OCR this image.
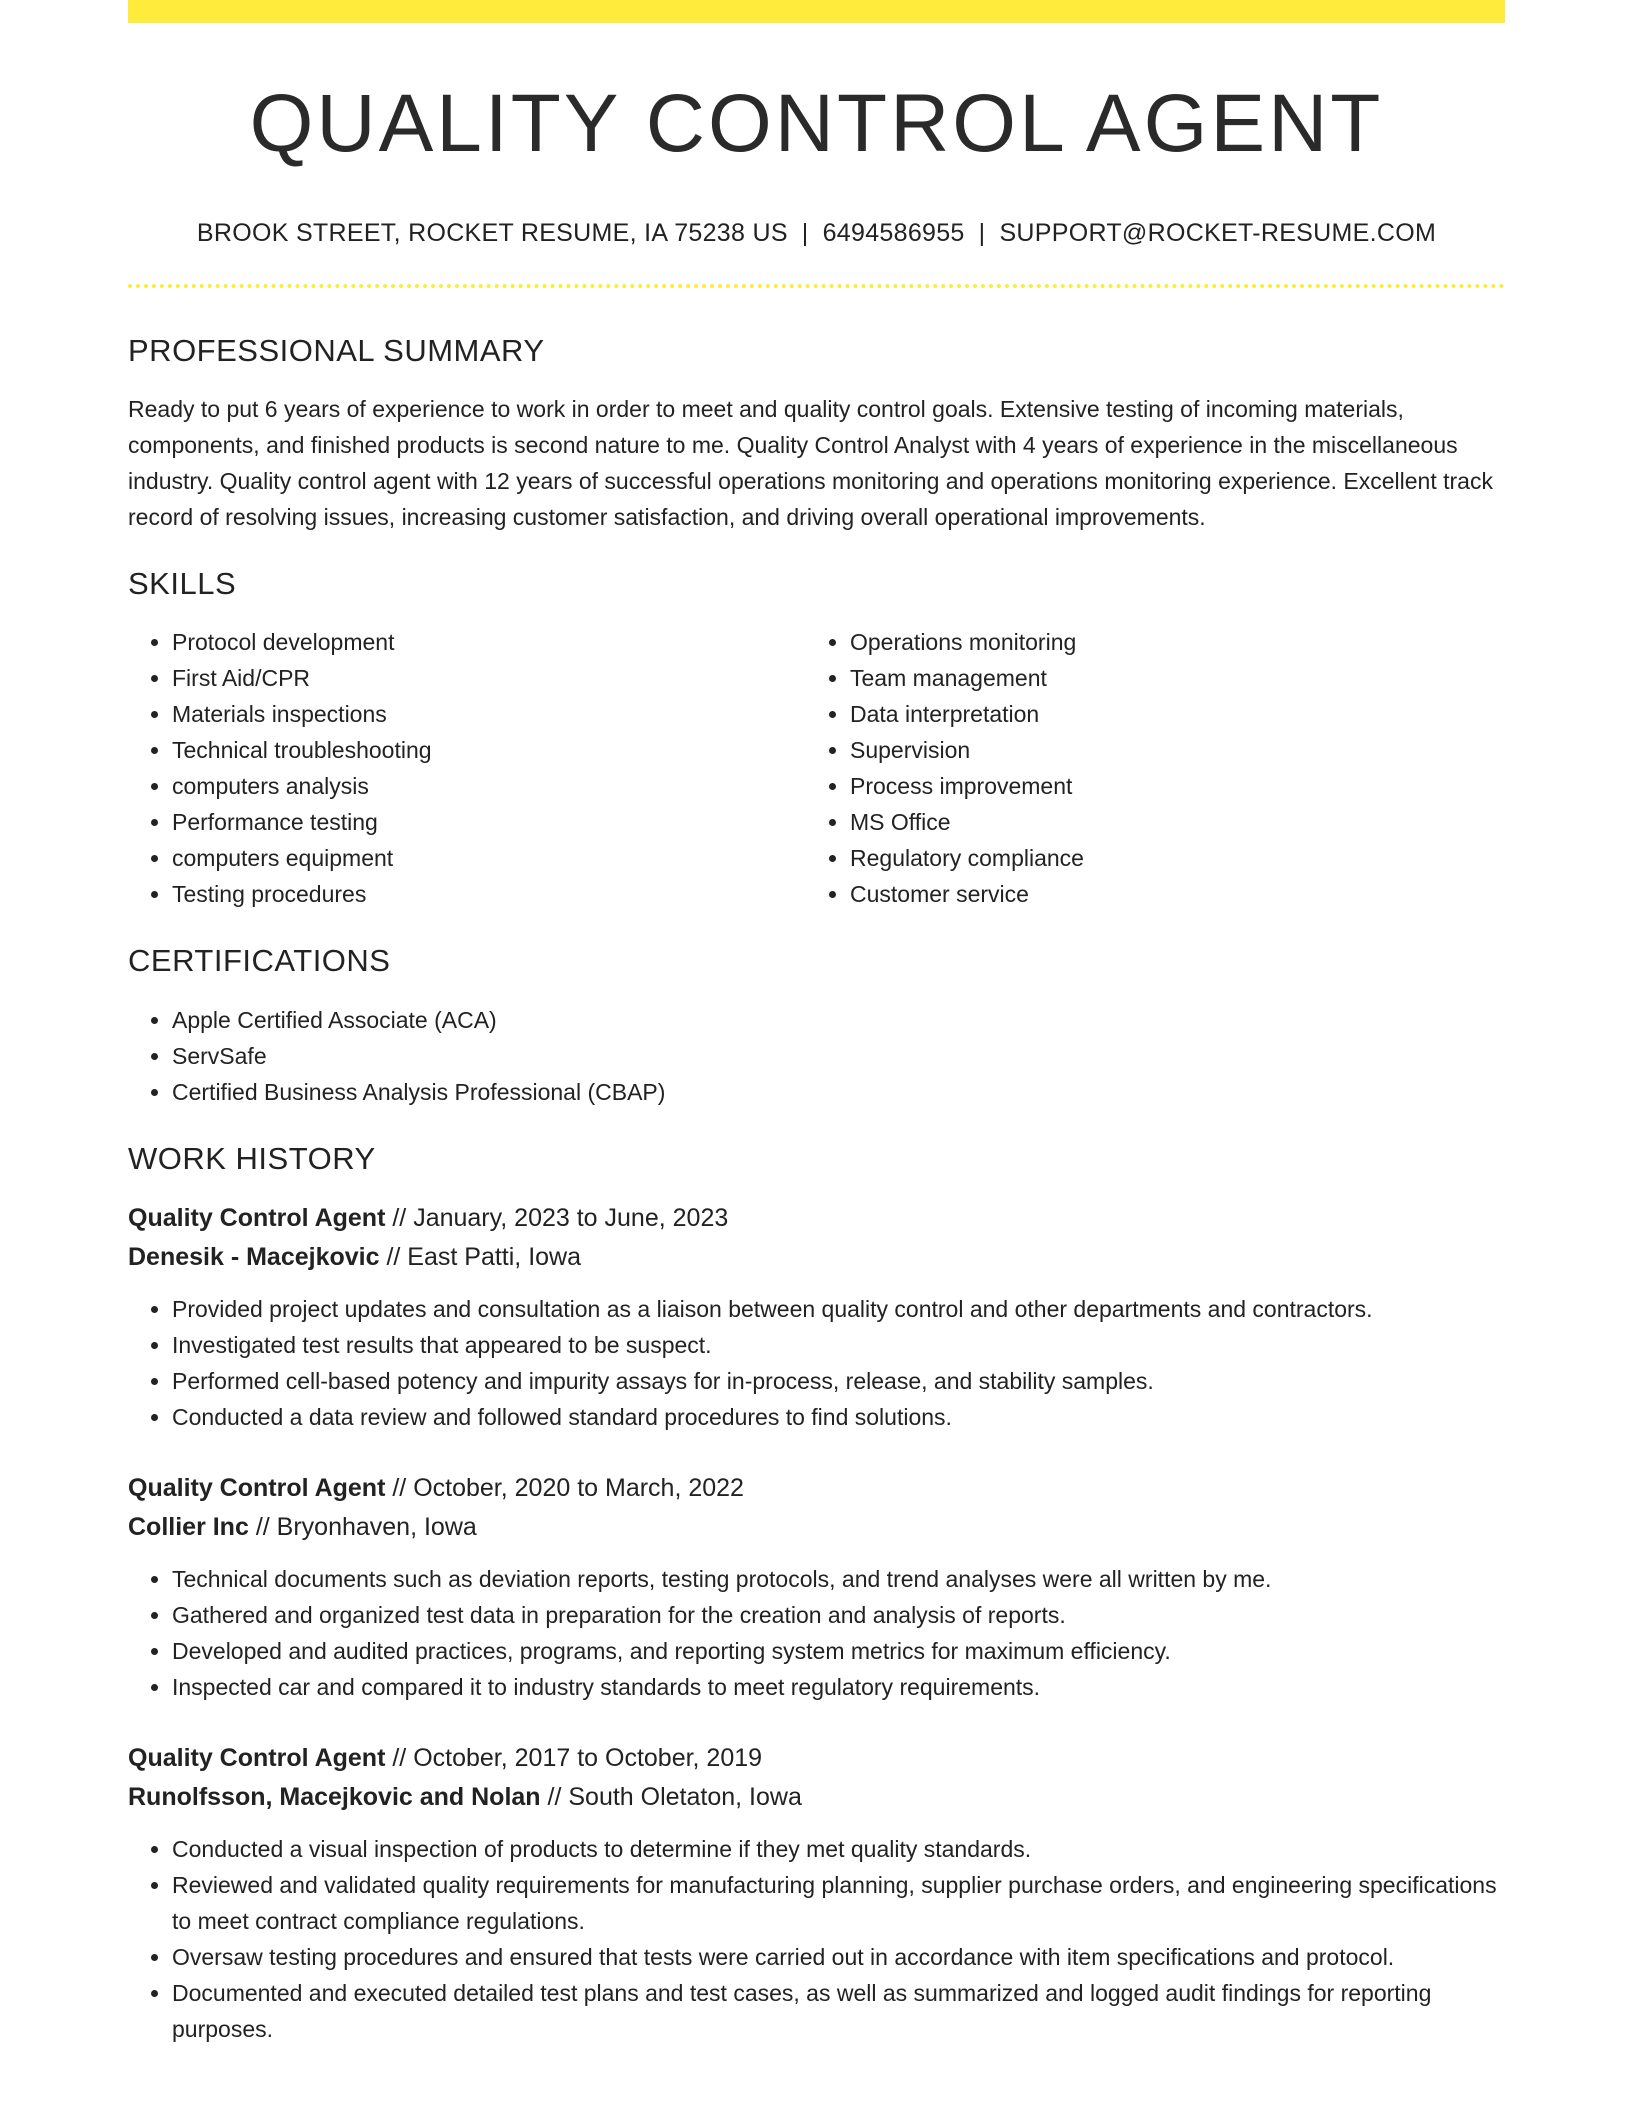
QUALITY CONTROL AGENT
BROOK STREET, ROCKET RESUME, IA 75238 US | 6494586955 | SUPPORT@ROCKET-RESUME.COM
PROFESSIONAL SUMMARY

Ready to put 6 years of experience to work in order to meet and quality control goals. Extensive testing of incoming materials, components, and finished products is second nature to me. Quality Control Analyst with 4 years of experience in the miscellaneous industry. Quality control agent with 12 years of successful operations monitoring and operations monitoring experience. Excellent track record of resolving issues, increasing customer satisfaction, and driving overall operational improvements.

SKILLS
• Protocol development
• First Aid/CPR
• Materials inspections
• Technical troubleshooting
• computers analysis
• Performance testing
• computers equipment
• Testing procedures
• Operations monitoring
• Team management
• Data interpretation
• Supervision
• Process improvement
• MS Office
• Regulatory compliance
• Customer service
CERTIFICATIONS
• Apple Certified Associate (ACA)
• ServSafe
• Certified Business Analysis Professional (CBAP)
WORK HISTORY
Quality Control Agent // January, 2023 to June, 2023
Denesik - Macejkovic // East Patti, Iowa
• Provided project updates and consultation as a liaison between quality control and other departments and contractors.
• Investigated test results that appeared to be suspect.
• Performed cell-based potency and impurity assays for in-process, release, and stability samples.
• Conducted a data review and followed standard procedures to find solutions.
Quality Control Agent // October, 2020 to March, 2022
Collier Inc // Bryonhaven, Iowa
• Technical documents such as deviation reports, testing protocols, and trend analyses were all written by me.
• Gathered and organized test data in preparation for the creation and analysis of reports.
• Developed and audited practices, programs, and reporting system metrics for maximum efficiency.
• Inspected car and compared it to industry standards to meet regulatory requirements.
Quality Control Agent // October, 2017 to October, 2019
Runolfsson, Macejkovic and Nolan // South Oletaton, Iowa
• Conducted a visual inspection of products to determine if they met quality standards.
• Reviewed and validated quality requirements for manufacturing planning, supplier purchase orders, and engineering specifications to meet contract compliance regulations.
• Oversaw testing procedures and ensured that tests were carried out in accordance with item specifications and protocol.
• Documented and executed detailed test plans and test cases, as well as summarized and logged audit findings for reporting purposes.
